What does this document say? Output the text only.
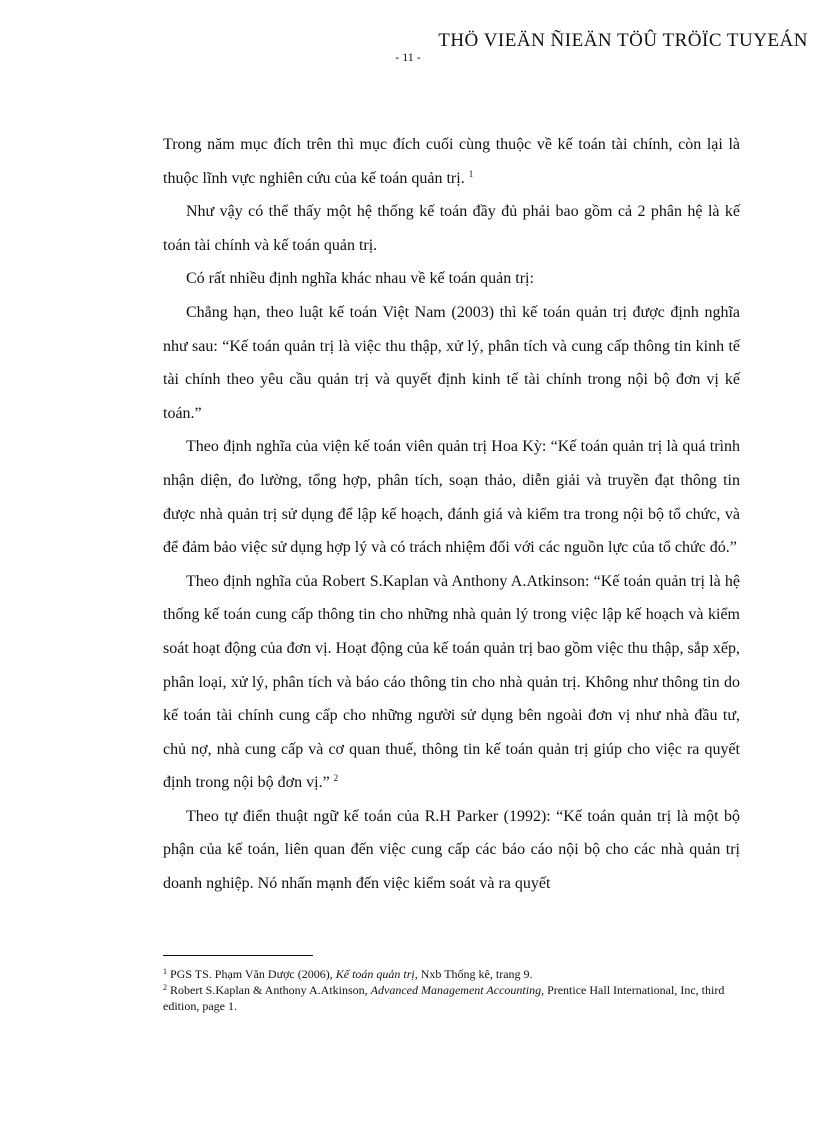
THÖ VIEÄN ÑIEÄN TÖÛ TRÖÏC TUYEÁN
- 11 -

Trong năm mục đích trên thì mục đích cuối cùng thuộc về kế toán tài chính, còn lại là thuộc lĩnh vực nghiên cứu của kế toán quản trị. $^1$

Như vậy có thể thấy một hệ thống kế toán đầy đủ phải bao gồm cả 2 phân hệ là kế toán tài chính và kế toán quản trị.

Có rất nhiều định nghĩa khác nhau về kế toán quản trị:

Chẳng hạn, theo luật kế toán Việt Nam (2003) thì kế toán quản trị được định nghĩa như sau: “Kế toán quản trị là việc thu thập, xử lý, phân tích và cung cấp thông tin kinh tế tài chính theo yêu cầu quản trị và quyết định kinh tế tài chính trong nội bộ đơn vị kế toán.”

Theo định nghĩa của viện kế toán viên quản trị Hoa Kỳ: “Kế toán quản trị là quá trình nhận diện, đo lường, tổng hợp, phân tích, soạn thảo, diễn giải và truyền đạt thông tin được nhà quản trị sử dụng để lập kế hoạch, đánh giá và kiểm tra trong nội bộ tổ chức, và để đảm bảo việc sử dụng hợp lý và có trách nhiệm đối với các nguồn lực của tổ chức đó.”

Theo định nghĩa của Robert S.Kaplan và Anthony A.Atkinson: “Kế toán quản trị là hệ thống kế toán cung cấp thông tin cho những nhà quản lý trong việc lập kế hoạch và kiểm soát hoạt động của đơn vị. Hoạt động của kế toán quản trị bao gồm việc thu thập, sắp xếp, phân loại, xử lý, phân tích và báo cáo thông tin cho nhà quản trị. Không như thông tin do kế toán tài chính cung cấp cho những người sử dụng bên ngoài đơn vị như nhà đầu tư, chủ nợ, nhà cung cấp và cơ quan thuế, thông tin kế toán quản trị giúp cho việc ra quyết định trong nội bộ đơn vị.” $^2$

Theo tự điển thuật ngữ kế toán của R.H Parker (1992): “Kế toán quản trị là một bộ phận của kế toán, liên quan đến việc cung cấp các báo cáo nội bộ cho các nhà quản trị doanh nghiệp. Nó nhấn mạnh đến việc kiểm soát và ra quyết

$^1$ PGS TS. Phạm Văn Dược (2006), Kế toán quản trị, Nxb Thống kê, trang 9.

$^2$ Robert S.Kaplan & Anthony A.Atkinson, Advanced Management Accounting, Prentice Hall International, Inc, third edition, page 1.
